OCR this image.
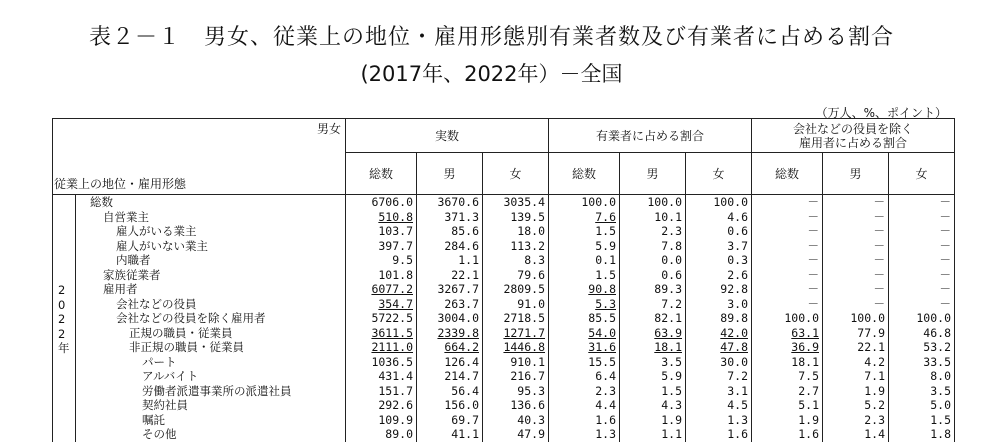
表２－１　男女、従業上の地位・雇用形態別有業者数及び有業者に占める割合
(2017年、2022年）－全国
（万人、%、ポイント）
男女
従業上の地位・雇用形態		実数			有業者に占める割合			会社などの役員を除く
雇用者に占める割合		
		総数	男	女	総数	男	女	総数	男	女

2
0
2
2
年	総数	6706.0	3670.6	3035.4	100.0	100.0	100.0	－	－	－
	自営業主	510.8	371.3	139.5	7.6	10.1	4.6	－	－	－
	雇人がいる業主	103.7	85.6	18.0	1.5	2.3	0.6	－	－	－
	雇人がいない業主	397.7	284.6	113.2	5.9	7.8	3.7	－	－	－
	内職者	9.5	1.1	8.3	0.1	0.0	0.3	－	－	－
	家族従業者	101.8	22.1	79.6	1.5	0.6	2.6	－	－	－
	雇用者	6077.2	3267.7	2809.5	90.8	89.3	92.8	－	－	－
	会社などの役員	354.7	263.7	91.0	5.3	7.2	3.0	－	－	－
	会社などの役員を除く雇用者	5722.5	3004.0	2718.5	85.5	82.1	89.8	100.0	100.0	100.0
	正規の職員・従業員	3611.5	2339.8	1271.7	54.0	63.9	42.0	63.1	77.9	46.8
	非正規の職員・従業員	2111.0	664.2	1446.8	31.6	18.1	47.8	36.9	22.1	53.2
	パート	1036.5	126.4	910.1	15.5	3.5	30.0	18.1	4.2	33.5
	アルバイト	431.4	214.7	216.7	6.4	5.9	7.2	7.5	7.1	8.0
	労働者派遣事業所の派遣社員	151.7	56.4	95.3	2.3	1.5	3.1	2.7	1.9	3.5
	契約社員	292.6	156.0	136.6	4.4	4.3	4.5	5.1	5.2	5.0
	嘱託	109.9	69.7	40.3	1.6	1.9	1.3	1.9	2.3	1.5
	その他	89.0	41.1	47.9	1.3	1.1	1.6	1.6	1.4	1.8
